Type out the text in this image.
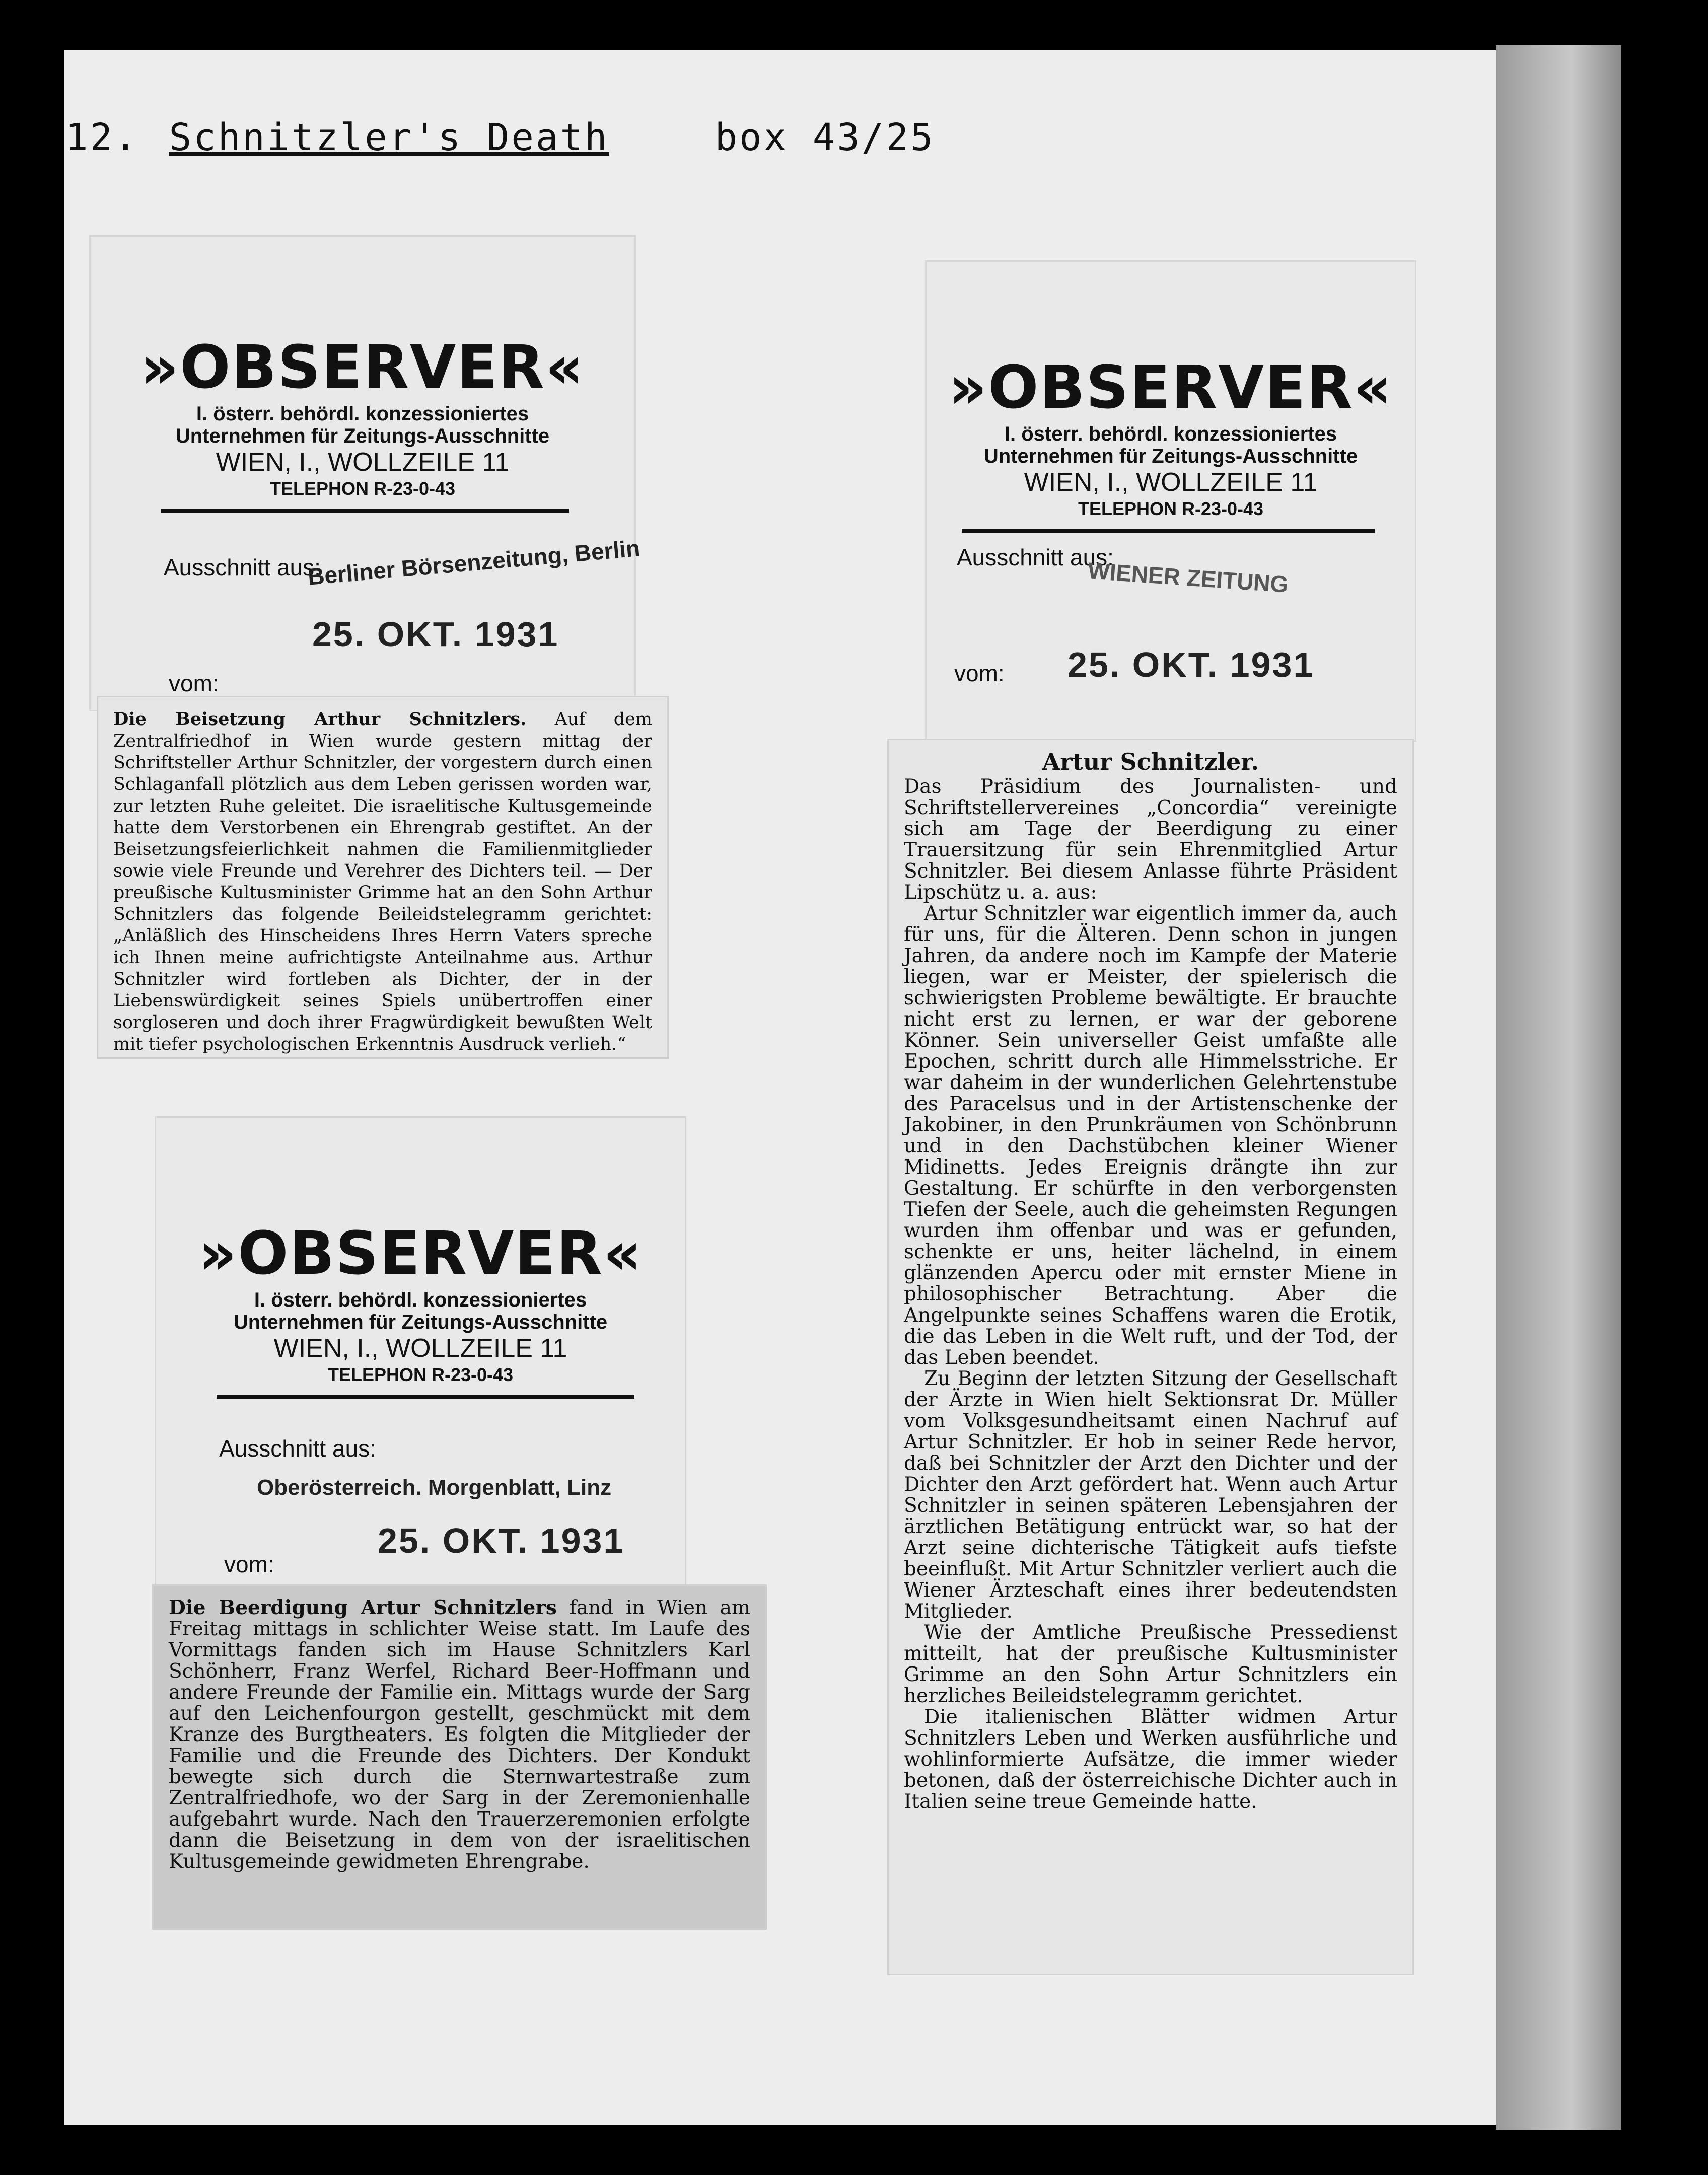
12. Schnitzler's Death	box 43/25
»OBSERVER«
I. österr. behördl. konzessioniertes
Unternehmen für Zeitungs-Ausschnitte
WIEN, I., WOLLZEILE 11
TELEPHON R-23-0-43
Ausschnitt aus:
Berliner Börsenzeitung, Berlin
25. OKT. 1931
vom:

Die Beisetzung Arthur Schnitzlers. Auf dem Zentralfriedhof in Wien wurde gestern mittag der Schriftsteller Arthur Schnitzler, der vorgestern durch einen Schlaganfall plötzlich aus dem Leben gerissen worden war, zur letzten Ruhe geleitet. Die israelitische Kultusgemeinde hatte dem Verstorbenen ein Ehrengrab gestiftet. An der Beisetzungsfeierlichkeit nahmen die Familienmitglieder sowie viele Freunde und Verehrer des Dichters teil. — Der preußische Kultusminister Grimme hat an den Sohn Arthur Schnitzlers das folgende Beileidstelegramm gerichtet: „Anläßlich des Hinscheidens Ihres Herrn Vaters spreche ich Ihnen meine aufrichtigste Anteilnahme aus. Arthur Schnitzler wird fortleben als Dichter, der in der Liebenswürdigkeit seines Spiels unübertroffen einer sorgloseren und doch ihrer Fragwürdigkeit bewußten Welt mit tiefer psychologischen Erkenntnis Ausdruck verlieh.“

»OBSERVER«
I. österr. behördl. konzessioniertes
Unternehmen für Zeitungs-Ausschnitte
WIEN, I., WOLLZEILE 11
TELEPHON R-23-0-43
Ausschnitt aus:
WIENER ZEITUNG
25. OKT. 1931
vom:
Artur Schnitzler.

Das Präsidium des Journalisten- und Schriftstellervereines „Concordia“ vereinigte sich am Tage der Beerdigung zu einer Trauersitzung für sein Ehrenmitglied Artur Schnitzler. Bei diesem Anlasse führte Präsident Lipschütz u. a. aus:

Artur Schnitzler war eigentlich immer da, auch für uns, für die Älteren. Denn schon in jungen Jahren, da andere noch im Kampfe der Materie liegen, war er Meister, der spielerisch die schwierigsten Probleme bewältigte. Er brauchte nicht erst zu lernen, er war der geborene Könner. Sein universeller Geist umfaßte alle Epochen, schritt durch alle Himmelsstriche. Er war daheim in der wunderlichen Gelehrtenstube des Paracelsus und in der Artistenschenke der Jakobiner, in den Prunkräumen von Schönbrunn und in den Dachstübchen kleiner Wiener Midinetts. Jedes Ereignis drängte ihn zur Gestaltung. Er schürfte in den verborgensten Tiefen der Seele, auch die geheimsten Regungen wurden ihm offenbar und was er gefunden, schenkte er uns, heiter lächelnd, in einem glänzenden Apercu oder mit ernster Miene in philosophischer Betrachtung. Aber die Angelpunkte seines Schaffens waren die Erotik, die das Leben in die Welt ruft, und der Tod, der das Leben beendet.

Zu Beginn der letzten Sitzung der Gesellschaft der Ärzte in Wien hielt Sektionsrat Dr. Müller vom Volksgesundheitsamt einen Nachruf auf Artur Schnitzler. Er hob in seiner Rede hervor, daß bei Schnitzler der Arzt den Dichter und der Dichter den Arzt gefördert hat. Wenn auch Artur Schnitzler in seinen späteren Lebensjahren der ärztlichen Betätigung entrückt war, so hat der Arzt seine dichterische Tätigkeit aufs tiefste beeinflußt. Mit Artur Schnitzler verliert auch die Wiener Ärzteschaft eines ihrer bedeutendsten Mitglieder.

Wie der Amtliche Preußische Pressedienst mitteilt, hat der preußische Kultusminister Grimme an den Sohn Artur Schnitzlers ein herzliches Beileidstelegramm gerichtet.

Die italienischen Blätter widmen Artur Schnitzlers Leben und Werken ausführliche und wohlinformierte Aufsätze, die immer wieder betonen, daß der österreichische Dichter auch in Italien seine treue Gemeinde hatte.

»OBSERVER«
I. österr. behördl. konzessioniertes
Unternehmen für Zeitungs-Ausschnitte
WIEN, I., WOLLZEILE 11
TELEPHON R-23-0-43
Ausschnitt aus:
Oberösterreich. Morgenblatt, Linz
25. OKT. 1931
vom:

Die Beerdigung Artur Schnitzlers fand in Wien am Freitag mittags in schlichter Weise statt. Im Laufe des Vormittags fanden sich im Hause Schnitzlers Karl Schönherr, Franz Werfel, Richard Beer-Hoffmann und andere Freunde der Familie ein. Mittags wurde der Sarg auf den Leichenfourgon gestellt, geschmückt mit dem Kranze des Burgtheaters. Es folgten die Mitglieder der Familie und die Freunde des Dichters. Der Kondukt bewegte sich durch die Sternwartestraße zum Zentralfriedhofe, wo der Sarg in der Zeremonienhalle aufgebahrt wurde. Nach den Trauerzeremonien erfolgte dann die Beisetzung in dem von der israelitischen Kultusgemeinde gewidmeten Ehrengrabe.
